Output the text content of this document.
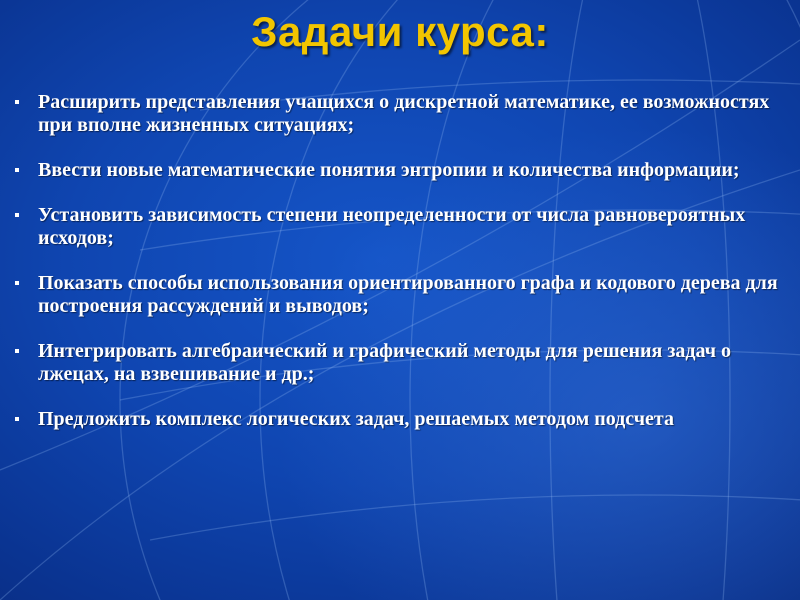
Задачи курса:
Расширить представления учащихся о дискретной математике, ее возможностях при вполне жизненных ситуациях;
Ввести новые математические понятия энтропии и количества информации;
Установить зависимость степени неопределенности от числа равновероятных исходов;
Показать способы использования ориентированного графа и кодового дерева для построения рассуждений и выводов;
Интегрировать алгебраический и графический методы для решения задач о лжецах, на взвешивание и др.;
Предложить комплекс логических задач, решаемых методом подсчета
